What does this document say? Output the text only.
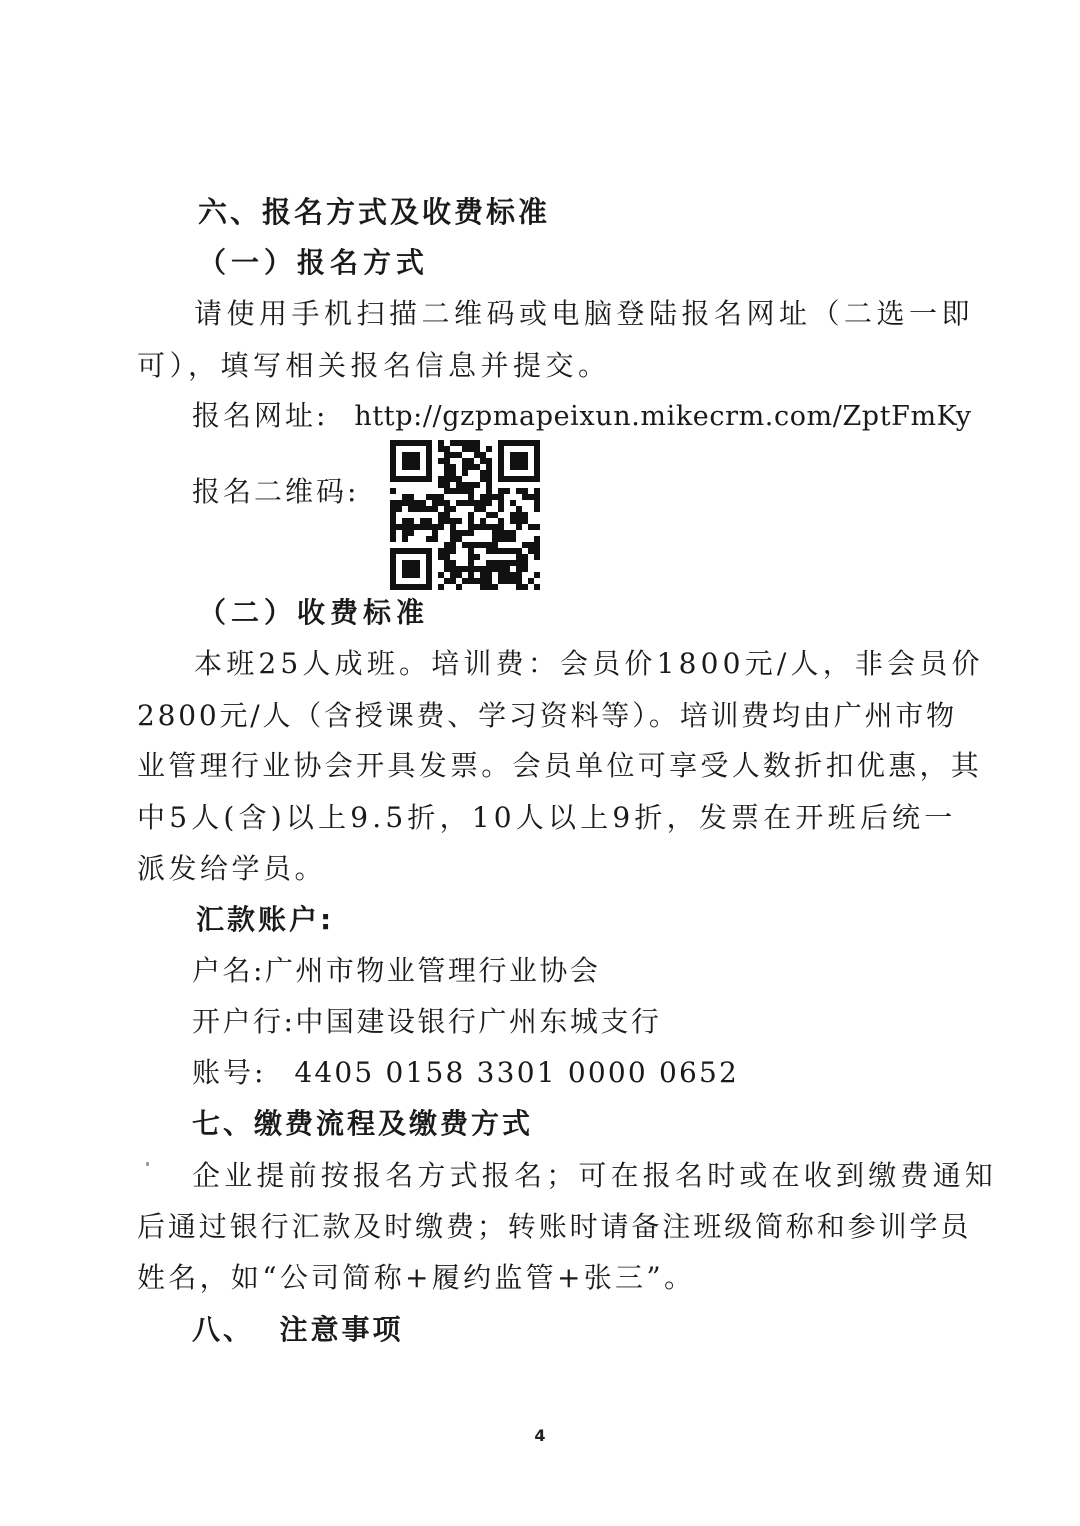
六、报名方式及收费标准
（一）报名方式
请使用手机扫描二维码或电脑登陆报名网址（二选一即
可），填写相关报名信息并提交。
报名网址: http://gzpmapeixun.mikecrm.com/ZptFmKy
报名二维码:
（二）收费标准
本班25人成班。培训费：会员价1800元/人，非会员价
2800元/人（含授课费、学习资料等）。培训费均由广州市物
业管理行业协会开具发票。会员单位可享受人数折扣优惠，其
中5人(含)以上9.5折，10人以上9折，发票在开班后统一
派发给学员。
汇款账户:
户名:广州市物业管理行业协会
开户行:中国建设银行广州东城支行
账号: 4405 0158 3301 0000 0652
七、缴费流程及缴费方式
企业提前按报名方式报名；可在报名时或在收到缴费通知
后通过银行汇款及时缴费；转账时请备注班级简称和参训学员
姓名，如“公司简称+履约监管+张三”。
八、  注意事项
4
